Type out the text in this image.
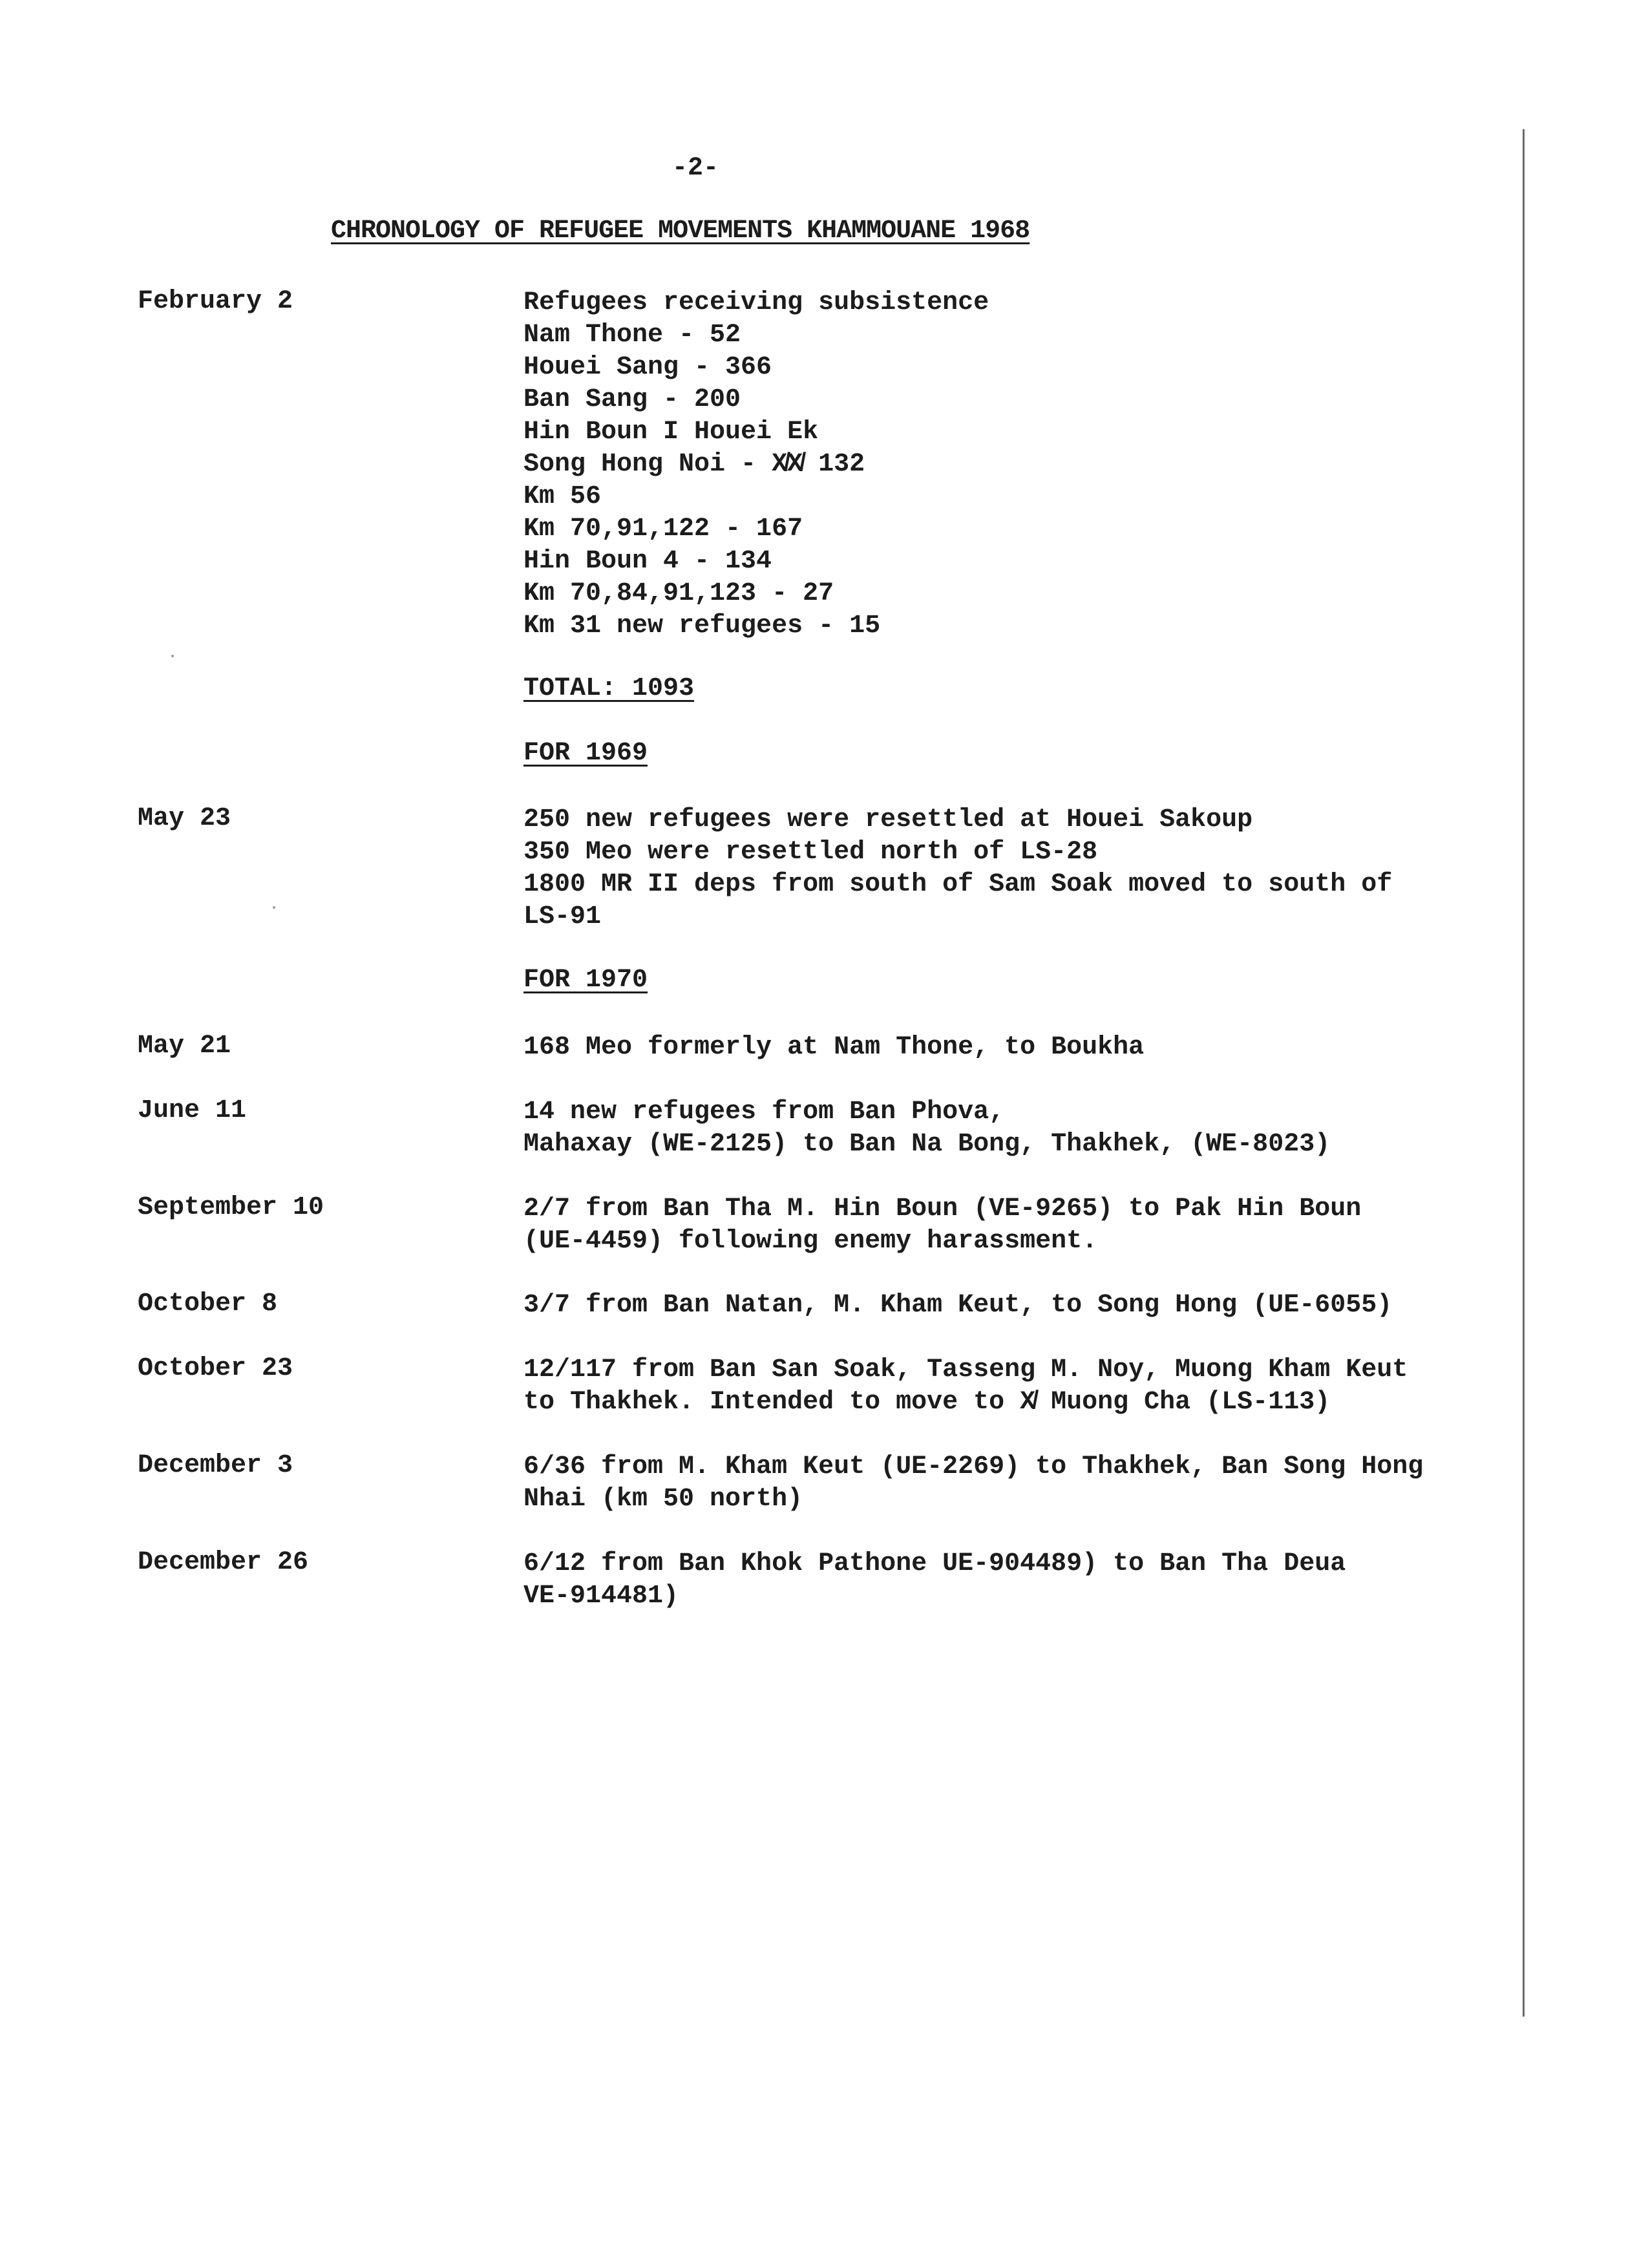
-2-
CHRONOLOGY OF REFUGEE MOVEMENTS KHAMMOUANE 1968
February 2	Refugees receiving subsistence
Nam Thone - 52
Houei Sang - 366
Ban Sang - 200
Hin Boun I Houei Ek
Song Hong Noi - X̸X̸ 132
Km 56
Km 70,91,122 - 167
Hin Boun 4 - 134
Km 70,84,91,123 - 27
Km 31 new refugees - 15
TOTAL: 1093
FOR 1969
May 23	250 new refugees were resettled at Houei Sakoup
350 Meo were resettled north of LS-28
1800 MR II deps from south of Sam Soak moved to south of
LS-91
FOR 1970
May 21	168 Meo formerly at Nam Thone, to Boukha
June 11	14 new refugees from Ban Phova,
Mahaxay (WE-2125) to Ban Na Bong, Thakhek, (WE-8023)
September 10	2/7 from Ban Tha M. Hin Boun (VE-9265) to Pak Hin Boun
(UE-4459) following enemy harassment.
October 8	3/7 from Ban Natan, M. Kham Keut, to Song Hong (UE-6055)
October 23	12/117 from Ban San Soak, Tasseng M. Noy, Muong Kham Keut
to Thakhek. Intended to move to X̸ Muong Cha (LS-113)
December 3	6/36 from M. Kham Keut (UE-2269) to Thakhek, Ban Song Hong
Nhai (km 50 north)
December 26	6/12 from Ban Khok Pathone UE-904489) to Ban Tha Deua
VE-914481)
